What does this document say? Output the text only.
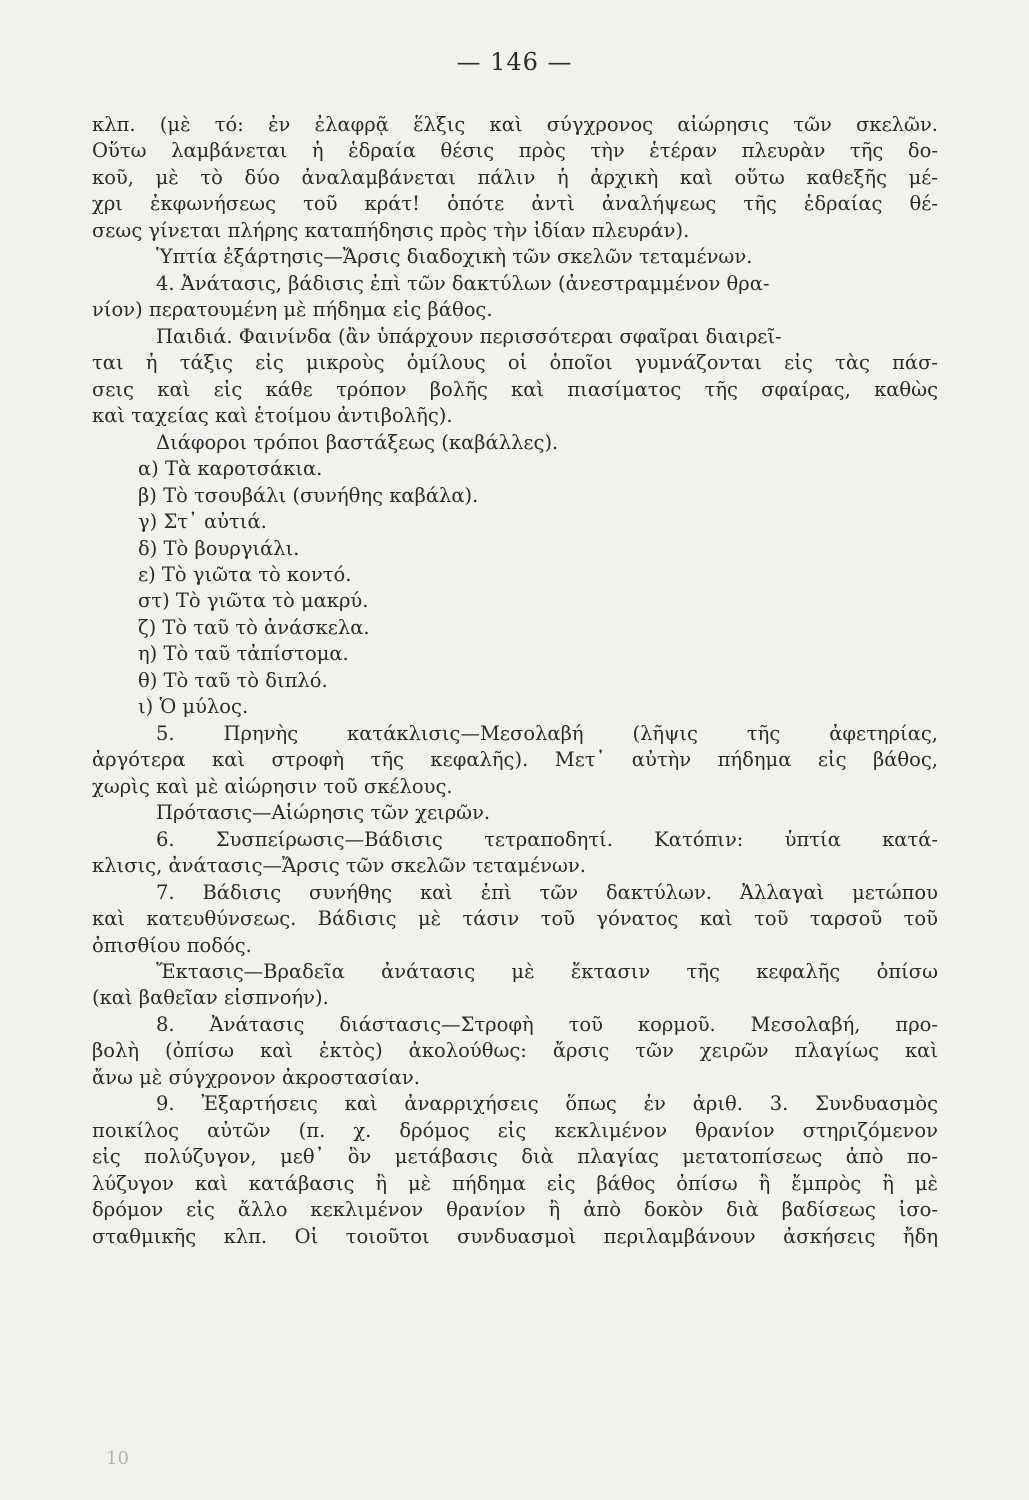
— 146 —
κλπ. (μὲ τό: ἐν ἐλαφρᾷ ἕλξις καὶ σύγχρονος αἰώρησις τῶν σκελῶν.
Οὕτω λαμβάνεται ἡ ἑδραία θέσις πρὸς τὴν ἑτέραν πλευρὰν τῆς δο-
κοῦ, μὲ τὸ δύο ἀναλαμβάνεται πάλιν ἡ ἀρχικὴ καὶ οὕτω καθεξῆς μέ-
χρι ἐκφωνήσεως τοῦ κράτ! ὁπότε ἀντὶ ἀναλήψεως τῆς ἑδραίας θέ-
σεως γίνεται πλήρης καταπήδησις πρὸς τὴν ἰδίαν πλευράν).
Ὑπτία ἐξάρτησις—Ἄρσις διαδοχικὴ τῶν σκελῶν τεταμένων.
4. Ἀνάτασις, βάδισις ἐπὶ τῶν δακτύλων (ἀνεστραμμένον θρα-
νίον) περατουμένη μὲ πήδημα εἰς βάθος.
Παιδιά. Φαινίνδα (ἂν ὑπάρχουν περισσότεραι σφαῖραι διαιρεῖ-
ται ἡ τάξις εἰς μικροὺς ὁμίλους οἱ ὁποῖοι γυμνάζονται εἰς τὰς πάσ-
σεις καὶ εἰς κάθε τρόπον βολῆς καὶ πιασίματος τῆς σφαίρας, καθὼς
καὶ ταχείας καὶ ἑτοίμου ἀντιβολῆς).
Διάφοροι τρόποι βαστάξεως (καβάλλες).
α) Τὰ καροτσάκια.
β) Τὸ τσουβάλι (συνήθης καβάλα).
γ) Στ᾽ αὐτιά.
δ) Τὸ βουργιάλι.
ε) Τὸ γιῶτα τὸ κοντό.
στ) Τὸ γιῶτα τὸ μακρύ.
ζ) Τὸ ταῦ τὸ ἀνάσκελα.
η) Τὸ ταῦ τἀπίστομα.
θ) Τὸ ταῦ τὸ διπλό.
ι) Ὁ μύλος.
5. Πρηνὴς κατάκλισις—Μεσολαβή (λῆψις τῆς ἀφετηρίας,
ἀργότερα καὶ στροφὴ τῆς κεφαλῆς). Μετ᾽ αὐτὴν πήδημα εἰς βάθος,
χωρὶς καὶ μὲ αἰώρησιν τοῦ σκέλους.
Πρότασις—Αἰώρησις τῶν χειρῶν.
6. Συσπείρωσις—Βάδισις τετραποδητί. Κατόπιν: ὑπτία κατά-
κλισις, ἀνάτασις—Ἄρσις τῶν σκελῶν τεταμένων.
7. Βάδισις συνήθης καὶ ἐπὶ τῶν δακτύλων. Ἀλλαγαὶ μετώπου
καὶ κατευθύνσεως. Βάδισις μὲ τάσιν τοῦ γόνατος καὶ τοῦ ταρσοῦ τοῦ
ὀπισθίου ποδός.
Ἔκτασις—Βραδεῖα ἀνάτασις μὲ ἔκτασιν τῆς κεφαλῆς ὀπίσω
(καὶ βαθεῖαν εἰσπνοήν).
8. Ἀνάτασις διάστασις—Στροφὴ τοῦ κορμοῦ. Μεσολαβή, προ-
βολὴ (ὀπίσω καὶ ἐκτὸς) ἀκολούθως: ἄρσις τῶν χειρῶν πλαγίως καὶ
ἄνω μὲ σύγχρονον ἀκροστασίαν.
9. Ἐξαρτήσεις καὶ ἀναρριχήσεις ὅπως ἐν ἀριθ. 3. Συνδυασμὸς
ποικίλος αὐτῶν (π. χ. δρόμος εἰς κεκλιμένον θρανίον στηριζόμενον
εἰς πολύζυγον, μεθ᾽ ὃν μετάβασις διὰ πλαγίας μετατοπίσεως ἀπὸ πο-
λύζυγον καὶ κατάβασις ἢ μὲ πήδημα εἰς βάθος ὀπίσω ἢ ἔμπρὸς ἢ μὲ
δρόμον εἰς ἄλλο κεκλιμένον θρανίον ἢ ἀπὸ δοκὸν διὰ βαδίσεως ἰσο-
σταθμικῆς κλπ. Οἱ τοιοῦτοι συνδυασμοὶ περιλαμβάνουν ἀσκήσεις ἤδη
10
